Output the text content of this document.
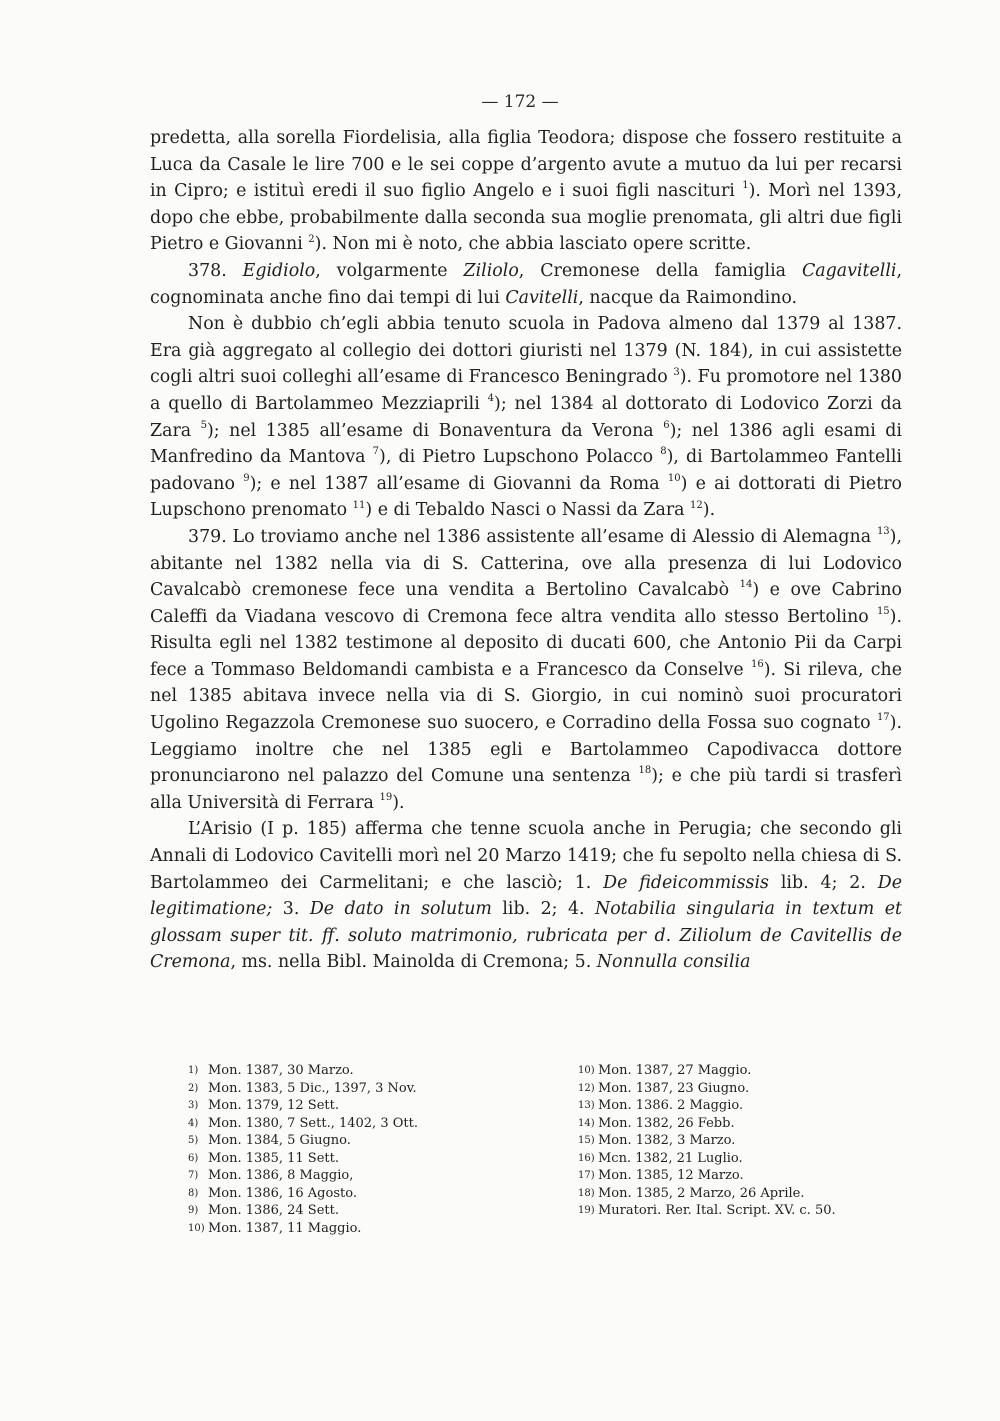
— 172 —

predetta, alla sorella Fiordelisia, alla figlia Teodora; dispose che fossero restituite a Luca da Casale le lire 700 e le sei coppe d’argento avute a mutuo da lui per recarsi in Cipro; e istituì eredi il suo figlio Angelo e i suoi figli nascituri $^1$). Morì nel 1393, dopo che ebbe, probabilmente dalla seconda sua moglie prenomata, gli altri due figli Pietro e Giovanni $^2$). Non mi è noto, che abbia lasciato opere scritte.

378. Egidiolo, volgarmente Ziliolo, Cremonese della famiglia Cagavitelli, cognominata anche fino dai tempi di lui Cavitelli, nacque da Raimondino.

Non è dubbio ch’egli abbia tenuto scuola in Padova almeno dal 1379 al 1387. Era già aggregato al collegio dei dottori giuristi nel 1379 (N. 184), in cui assistette cogli altri suoi colleghi all’esame di Francesco Beningrado $^3$). Fu promotore nel 1380 a quello di Bartolammeo Mezziaprili $^4$); nel 1384 al dottorato di Lodovico Zorzi da Zara $^5$); nel 1385 all’esame di Bonaventura da Verona $^6$); nel 1386 agli esami di Manfredino da Mantova $^7$), di Pietro Lupschono Polacco $^8$), di Bartolammeo Fantelli padovano $^9$); e nel 1387 all’esame di Giovanni da Roma $^{10}$) e ai dottorati di Pietro Lupschono prenomato $^{11}$) e di Tebaldo Nasci o Nassi da Zara $^{12}$).

379. Lo troviamo anche nel 1386 assistente all’esame di Alessio di Alemagna $^{13}$), abitante nel 1382 nella via di S. Catterina, ove alla presenza di lui Lodovico Cavalcabò cremonese fece una vendita a Bertolino Cavalcabò $^{14}$) e ove Cabrino Caleffi da Viadana vescovo di Cremona fece altra vendita allo stesso Bertolino $^{15}$). Risulta egli nel 1382 testimone al deposito di ducati 600, che Antonio Pii da Carpi fece a Tommaso Beldomandi cambista e a Francesco da Conselve $^{16}$). Si rileva, che nel 1385 abitava invece nella via di S. Giorgio, in cui nominò suoi procuratori Ugolino Regazzola Cremonese suo suocero, e Corradino della Fossa suo cognato $^{17}$). Leggiamo inoltre che nel 1385 egli e Bartolammeo Capodivacca dottore pronunciarono nel palazzo del Comune una sentenza $^{18}$); e che più tardi si trasferì alla Università di Ferrara $^{19}$).

L’Arisio (I p. 185) afferma che tenne scuola anche in Perugia; che secondo gli Annali di Lodovico Cavitelli morì nel 20 Marzo 1419; che fu sepolto nella chiesa di S. Bartolammeo dei Carmelitani; e che lasciò; 1. De fideicommissis lib. 4; 2. De legitimatione; 3. De dato in solutum lib. 2; 4. Notabilia singularia in textum et glossam super tit. ff. soluto matrimonio, rubricata per d. Ziliolum de Cavitellis de Cremona, ms. nella Bibl. Mainolda di Cremona; 5. Nonnulla consilia

1) Mon. 1387, 30 Marzo.
2) Mon. 1383, 5 Dic., 1397, 3 Nov.
3) Mon. 1379, 12 Sett.
4) Mon. 1380, 7 Sett., 1402, 3 Ott.
5) Mon. 1384, 5 Giugno.
6) Mon. 1385, 11 Sett.
7) Mon. 1386, 8 Maggio,
8) Mon. 1386, 16 Agosto.
9) Mon. 1386, 24 Sett.
10) Mon. 1387, 11 Maggio.
10) Mon. 1387, 27 Maggio.
12) Mon. 1387, 23 Giugno.
13) Mon. 1386. 2 Maggio.
14) Mon. 1382, 26 Febb.
15) Mon. 1382, 3 Marzo.
16) Mcn. 1382, 21 Luglio.
17) Mon. 1385, 12 Marzo.
18) Mon. 1385, 2 Marzo, 26 Aprile.
19) Muratori. Rer. Ital. Script. XV. c. 50.
